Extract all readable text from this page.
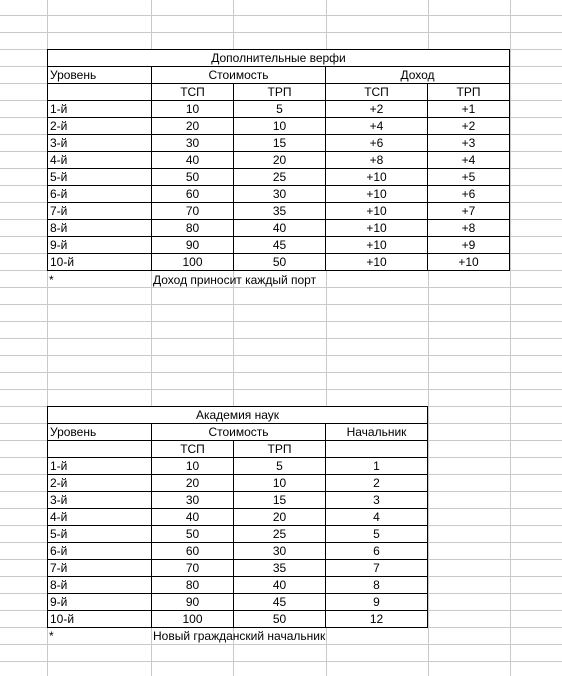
Дополнительные верфи				
Уровень	Стоимость		Доход	
	ТСП	ТРП	ТСП	ТРП
1-й	10	5	+2	+1
2-й	20	10	+4	+2
3-й	30	15	+6	+3
4-й	40	20	+8	+4
5-й	50	25	+10	+5
6-й	60	30	+10	+6
7-й	70	35	+10	+7
8-й	80	40	+10	+8
9-й	90	45	+10	+9
10-й	100	50	+10	+10
*	Доход приносит каждый порт
Академия наук			
Уровень	Стоимость		Начальник
	ТСП	ТРП	
1-й	10	5	1
2-й	20	10	2
3-й	30	15	3
4-й	40	20	4
5-й	50	25	5
6-й	60	30	6
7-й	70	35	7
8-й	80	40	8
9-й	90	45	9
10-й	100	50	12
*	Новый гражданский начальник
